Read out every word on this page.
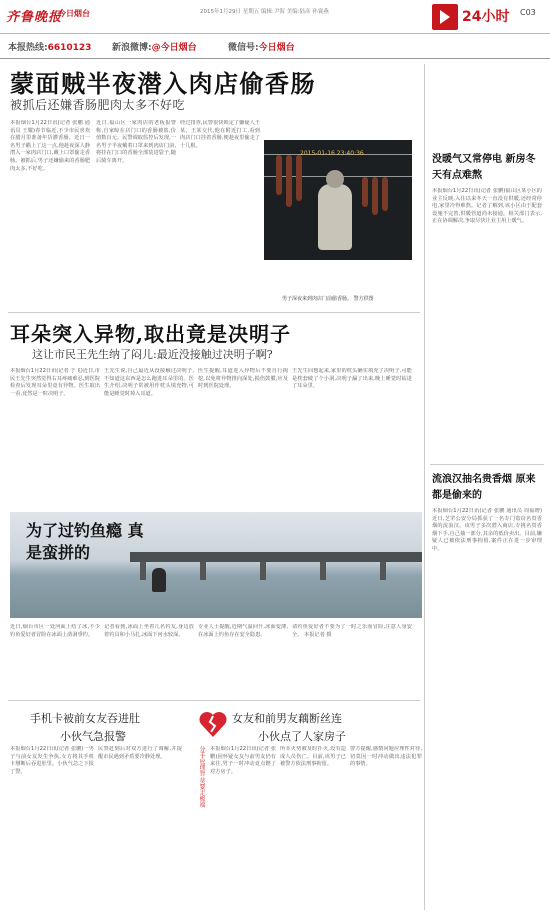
齐鲁晚报
今日烟台	2015年1月29日 星期五 编辑:尹海 美编:陆彦 孙寰燕	24小时 C03
本报热线:6610123 新浪微博:@今日烟台	微信号:今日烟台
蒙面贼半夜潜入肉店偷香肠
被抓后还嫌香肠肥肉太多不好吃
本报烟台1月22日讯(记者 张鹏 通讯员 王耀)春节临近,不少市民喜欢在腊月里准备年货灌香肠。近日一名男子瞄上了这一点,他趁夜深人静潜入一家肉店门口,戴上口罩偷走香肠。被抓后,男子还嫌偷来的香肠肥肉太多,不好吃。
近日,福山区一家肉店的老板报警称,自家晾在店门口的香肠被盗,价值数百元。民警调取监控后发现,一名男子半夜戴着口罩来到肉店门前,将挂在门口的香肠全部装进袋子,随后骑车离开。
经过排查,民警很快锁定了嫌疑人王某。王某交代,他在附近打工,看到肉店门口挂着香肠,便趁夜里偷走了十几根。
2015-01-16 23:40:36
男子深夜来到肉店门前偷香肠。 警方供图
没暖气又常停电 新房冬天有点难熬
本报烟台1月22日讯(记者 张鹏)福山区某小区的业主反映,入住以来冬天一直没有供暖,还经常停电,家里冷得难熬。记者了解到,该小区由于配套设施不完善,供暖管道尚未接通。相关部门表示,正在协调解决,争取尽快让业主用上暖气。
流浪汉抽名贵香烟 原来都是偷来的
本报烟台1月22日讯(记者 张鹏 通讯员 周福增)近日,芝罘公安分局抓获了一名专门盗窃名贵香烟的流浪汉。该男子多次潜入商店,专挑名贵香烟下手,自己抽一部分,其余的低价卖出。目前,嫌疑人已被依法刑事拘留,案件正在进一步审理中。
耳朵突入异物,取出竟是决明子
这让市民王先生纳了闷儿:最近没接触过决明子啊?
本报烟台1月22日讯(记者 于飞)近日,市民王先生突然觉得右耳疼痛难忍,到医院检查后发现耳朵里竟有异物。医生取出一看,竟然是一粒决明子。
王先生说,自己最近从没接触过决明子,不知道这东西是怎么跑进耳朵里的。医生介绍,决明子常被用作枕头填充物,可能是睡觉时掉入耳道。
医生提醒,耳道进入异物后不要自行掏挖,以免将异物推向深处,损伤鼓膜,应及时到医院处理。
王先生回想起来,家里的枕头确实填充了决明子,可能是枕套破了个小洞,决明子漏了出来,晚上睡觉时钻进了耳朵里。
为了过钓鱼瘾 真是蛮拼的
近日,烟台市区一处河面上结了冰,不少钓鱼爱好者冒险在冰面上凿洞垂钓。
记者看到,冰面上坐着几名钓友,身边放着钓具和小马扎,冰面下河水较深。
专业人士提醒,近期气温回升,冰面变薄,在冰面上钓鱼存在安全隐患。
请钓鱼爱好者不要为了一时之乐而冒险,注意人身安全。 本报记者 摄
手机卡被前女友吞进肚
小伙气急报警
女友和前男友藕断丝连
小伙点了人家房子
本报烟台1月22日讯(记者 张鹏)一男子与前女友发生争执,女方将其手机卡掰断后吞进肚里。小伙气急之下报了警。
民警赶到后对双方进行了调解,并提醒市民遇到矛盾要冷静处理。	分手应理智 莫要走极端 本报烟台1月22日讯(记者 张鹏)因怀疑女友与前男友仍有来往,男子一时冲动竟点燃了对方房子。
所幸火势被及时扑灭,没有造成人员伤亡。目前,该男子已被警方依法刑事拘留。
警方提醒,感情问题应理性对待,切莫因一时冲动做出违法犯罪的事情。
